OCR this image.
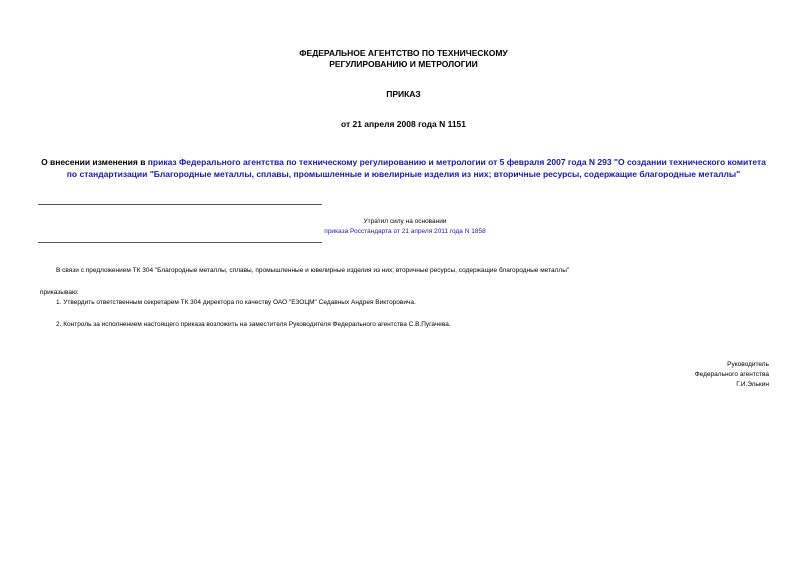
ФЕДЕРАЛЬНОЕ АГЕНТСТВО ПО ТЕХНИЧЕСКОМУ
РЕГУЛИРОВАНИЮ И МЕТРОЛОГИИ
ПРИКАЗ
от 21 апреля 2008 года N 1151
О внесении изменения в приказ Федерального агентства по техническому регулированию и метрологии от 5 февраля 2007 года N 293 "О создании технического комитета по стандартизации "Благородные металлы, сплавы, промышленные и ювелирные изделия из них; вторичные ресурсы, содержащие благородные металлы"
Утратил силу на основании
приказа Росстандарта от 21 апреля 2011 года N 1858
В связи с предложением ТК 304 "Благородные металлы, сплавы, промышленные и ювелирные изделия из них; вторичные ресурсы, содержащие благородные металлы"
приказываю:
1. Утвердить ответственным секретарем ТК 304 директора по качеству ОАО "ЕЗОЦМ" Седавных Андрея Викторовича.
2. Контроль за исполнением настоящего приказа возложить на заместителя Руководителя Федерального агентства С.В.Пугачева.
Руководитель
Федерального агентства
Г.И.Элькин
